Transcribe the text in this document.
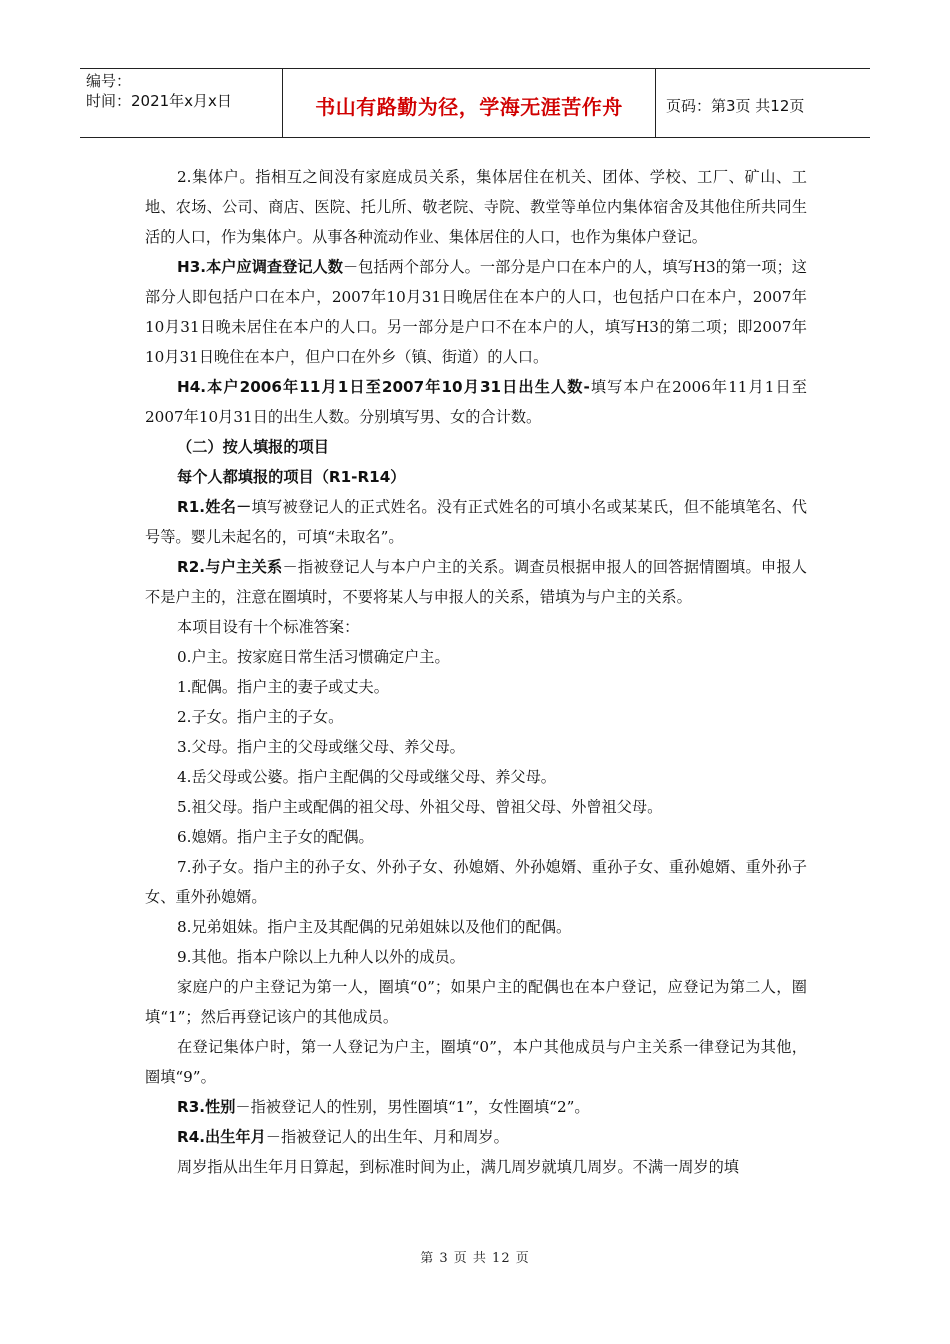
编号：
时间：2021年x月x日	书山有路勤为径，学海无涯苦作舟	页码：第3页 共12页

2.集体户。指相互之间没有家庭成员关系，集体居住在机关、团体、学校、工厂、矿山、工地、农场、公司、商店、医院、托儿所、敬老院、寺院、教堂等单位内集体宿舍及其他住所共同生活的人口，作为集体户。从事各种流动作业、集体居住的人口，也作为集体户登记。

H3.本户应调查登记人数－包括两个部分人。一部分是户口在本户的人，填写H3的第一项；这部分人即包括户口在本户，2007年10月31日晚居住在本户的人口，也包括户口在本户，2007年10月31日晚未居住在本户的人口。另一部分是户口不在本户的人，填写H3的第二项；即2007年10月31日晚住在本户，但户口在外乡（镇、街道）的人口。

H4.本户2006年11月1日至2007年10月31日出生人数-填写本户在2006年11月1日至2007年10月31日的出生人数。分别填写男、女的合计数。

（二）按人填报的项目

每个人都填报的项目（R1-R14）

R1.姓名－填写被登记人的正式姓名。没有正式姓名的可填小名或某某氏，但不能填笔名、代号等。婴儿未起名的，可填“未取名”。

R2.与户主关系－指被登记人与本户户主的关系。调查员根据申报人的回答据情圈填。申报人不是户主的，注意在圈填时，不要将某人与申报人的关系，错填为与户主的关系。

本项目设有十个标准答案：

0.户主。按家庭日常生活习惯确定户主。

1.配偶。指户主的妻子或丈夫。

2.子女。指户主的子女。

3.父母。指户主的父母或继父母、养父母。

4.岳父母或公婆。指户主配偶的父母或继父母、养父母。

5.祖父母。指户主或配偶的祖父母、外祖父母、曾祖父母、外曾祖父母。

6.媳婿。指户主子女的配偶。

7.孙子女。指户主的孙子女、外孙子女、孙媳婿、外孙媳婿、重孙子女、重孙媳婿、重外孙子女、重外孙媳婿。

8.兄弟姐妹。指户主及其配偶的兄弟姐妹以及他们的配偶。

9.其他。指本户除以上九种人以外的成员。

家庭户的户主登记为第一人，圈填“0”；如果户主的配偶也在本户登记，应登记为第二人，圈填“1”；然后再登记该户的其他成员。

在登记集体户时，第一人登记为户主，圈填“0”，本户其他成员与户主关系一律登记为其他，圈填“9”。

R3.性别－指被登记人的性别，男性圈填“1”，女性圈填“2”。

R4.出生年月－指被登记人的出生年、月和周岁。

周岁指从出生年月日算起，到标准时间为止，满几周岁就填几周岁。不满一周岁的填

第 3 页 共 12 页
